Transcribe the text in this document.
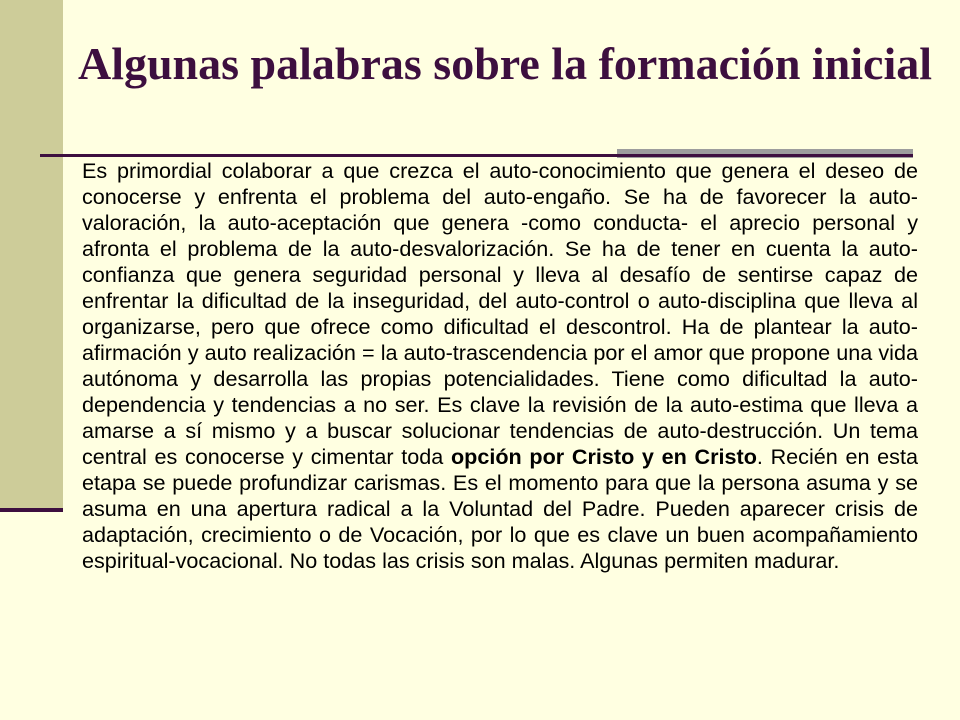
Algunas palabras sobre la formación inicial

Es primordial colaborar a que crezca el auto-conocimiento que genera el deseo de conocerse y enfrenta el problema del auto-engaño. Se ha de favorecer la auto-valoración, la auto-aceptación que genera -como conducta- el aprecio personal y afronta el problema de la auto-desvalorización. Se ha de tener en cuenta la auto-confianza que genera seguridad personal y lleva al desafío de sentirse capaz de enfrentar la dificultad de la inseguridad, del auto-control o auto-disciplina que lleva al organizarse, pero que ofrece como dificultad el descontrol. Ha de plantear la auto-afirmación y auto realización = la auto-trascendencia por el amor que propone una vida autónoma y desarrolla las propias potencialidades. Tiene como dificultad la auto-dependencia y tendencias a no ser. Es clave la revisión de la auto-estima que lleva a amarse a sí mismo y a buscar solucionar tendencias de auto-destrucción. Un tema central es conocerse y cimentar toda opción por Cristo y en Cristo. Recién en esta etapa se puede profundizar carismas. Es el momento para que la persona asuma y se asuma en una apertura radical a la Voluntad del Padre. Pueden aparecer crisis de adaptación, crecimiento o de Vocación, por lo que es clave un buen acompañamiento espiritual-vocacional. No todas las crisis son malas. Algunas permiten madurar.
